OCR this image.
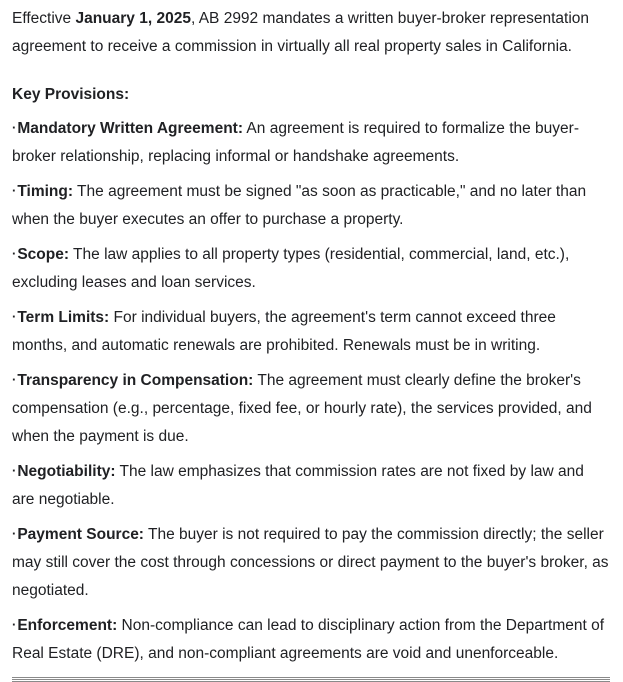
Effective January 1, 2025, AB 2992 mandates a written buyer-broker representation agreement to receive a commission in virtually all real property sales in California.

Key Provisions:

·Mandatory Written Agreement: An agreement is required to formalize the buyer-broker relationship, replacing informal or handshake agreements.

·Timing: The agreement must be signed "as soon as practicable," and no later than when the buyer executes an offer to purchase a property.

·Scope: The law applies to all property types (residential, commercial, land, etc.), excluding leases and loan services.

·Term Limits: For individual buyers, the agreement's term cannot exceed three months, and automatic renewals are prohibited. Renewals must be in writing.

·Transparency in Compensation: The agreement must clearly define the broker's compensation (e.g., percentage, fixed fee, or hourly rate), the services provided, and when the payment is due.

·Negotiability: The law emphasizes that commission rates are not fixed by law and are negotiable.

·Payment Source: The buyer is not required to pay the commission directly; the seller may still cover the cost through concessions or direct payment to the buyer's broker, as negotiated.

·Enforcement: Non-compliance can lead to disciplinary action from the Department of Real Estate (DRE), and non-compliant agreements are void and unenforceable.
